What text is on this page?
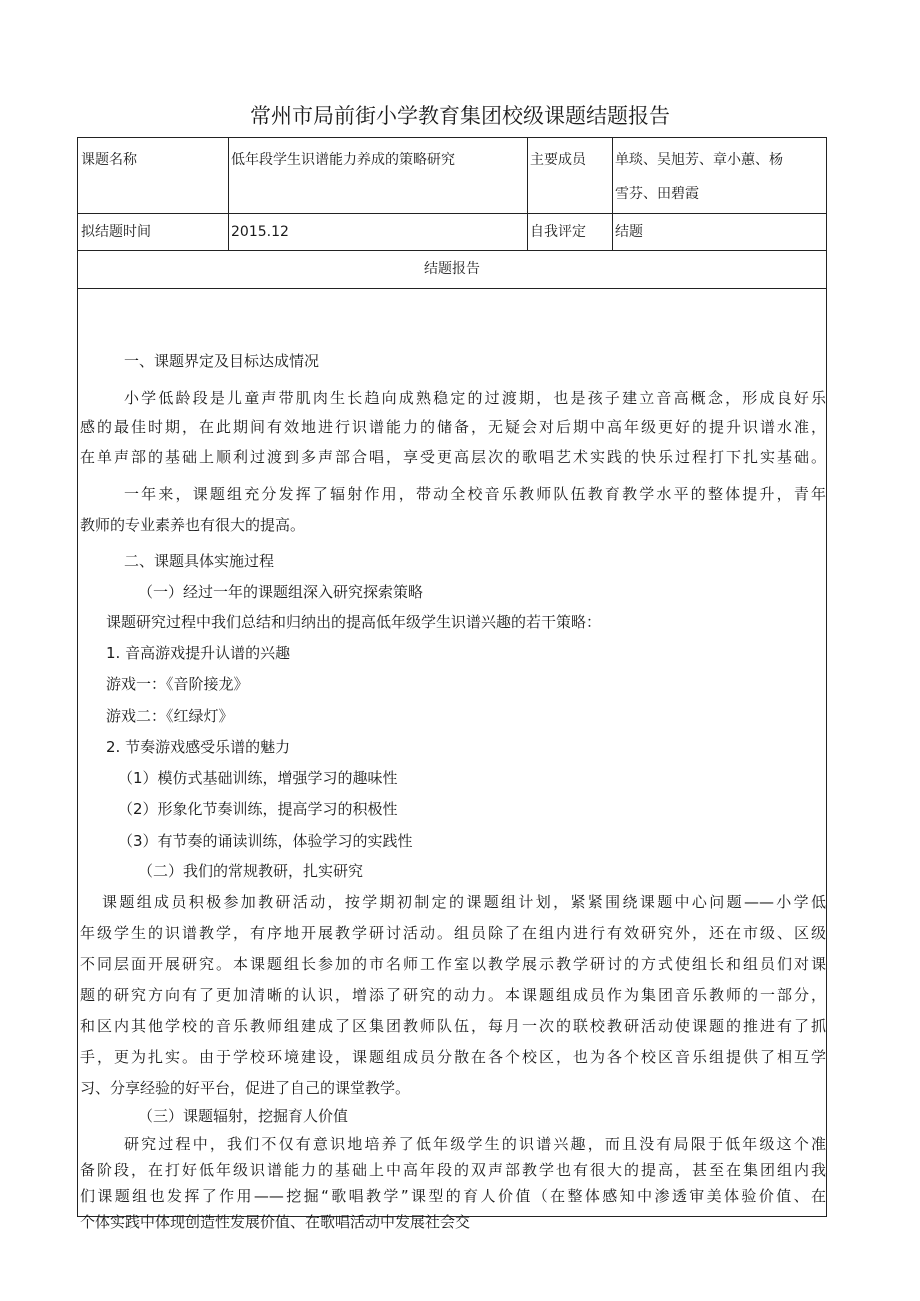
常州市局前街小学教育集团校级课题结题报告
课题名称	低年段学生识谱能力养成的策略研究	主要成员 单琰、吴旭芳、章小蕙、杨
雪芬、田碧霞
拟结题时间	2015.12	自我评定 结题
结题报告
一、课题界定及目标达成情况
小学低龄段是儿童声带肌肉生长趋向成熟稳定的过渡期，也是孩子建立音高概念，形成良好乐
感的最佳时期，在此期间有效地进行识谱能力的储备，无疑会对后期中高年级更好的提升识谱水准，
在单声部的基础上顺利过渡到多声部合唱，享受更高层次的歌唱艺术实践的快乐过程打下扎实基础。
一年来，课题组充分发挥了辐射作用，带动全校音乐教师队伍教育教学水平的整体提升，青年
教师的专业素养也有很大的提高。
二、课题具体实施过程
（一）经过一年的课题组深入研究探索策略
课题研究过程中我们总结和归纳出的提高低年级学生识谱兴趣的若干策略：
1. 音高游戏提升认谱的兴趣
游戏一：《音阶接龙》
游戏二：《红绿灯》
2. 节奏游戏感受乐谱的魅力
（1）模仿式基础训练，增强学习的趣味性
（2）形象化节奏训练，提高学习的积极性
（3）有节奏的诵读训练，体验学习的实践性
（二）我们的常规教研，扎实研究
课题组成员积极参加教研活动，按学期初制定的课题组计划，紧紧围绕课题中心问题——小学低
年级学生的识谱教学，有序地开展教学研讨活动。组员除了在组内进行有效研究外，还在市级、区级
不同层面开展研究。本课题组长参加的市名师工作室以教学展示教学研讨的方式使组长和组员们对课
题的研究方向有了更加清晰的认识，增添了研究的动力。本课题组成员作为集团音乐教师的一部分，
和区内其他学校的音乐教师组建成了区集团教师队伍，每月一次的联校教研活动使课题的推进有了抓
手，更为扎实。由于学校环境建设，课题组成员分散在各个校区，也为各个校区音乐组提供了相互学
习、分享经验的好平台，促进了自己的课堂教学。
（三）课题辐射，挖掘育人价值
研究过程中，我们不仅有意识地培养了低年级学生的识谱兴趣，而且没有局限于低年级这个准
备阶段，在打好低年级识谱能力的基础上中高年段的双声部教学也有很大的提高，甚至在集团组内我
们课题组也发挥了作用——挖掘“歌唱教学”课型的育人价值（在整体感知中渗透审美体验价值、在
个体实践中体现创造性发展价值、在歌唱活动中发展社会交
